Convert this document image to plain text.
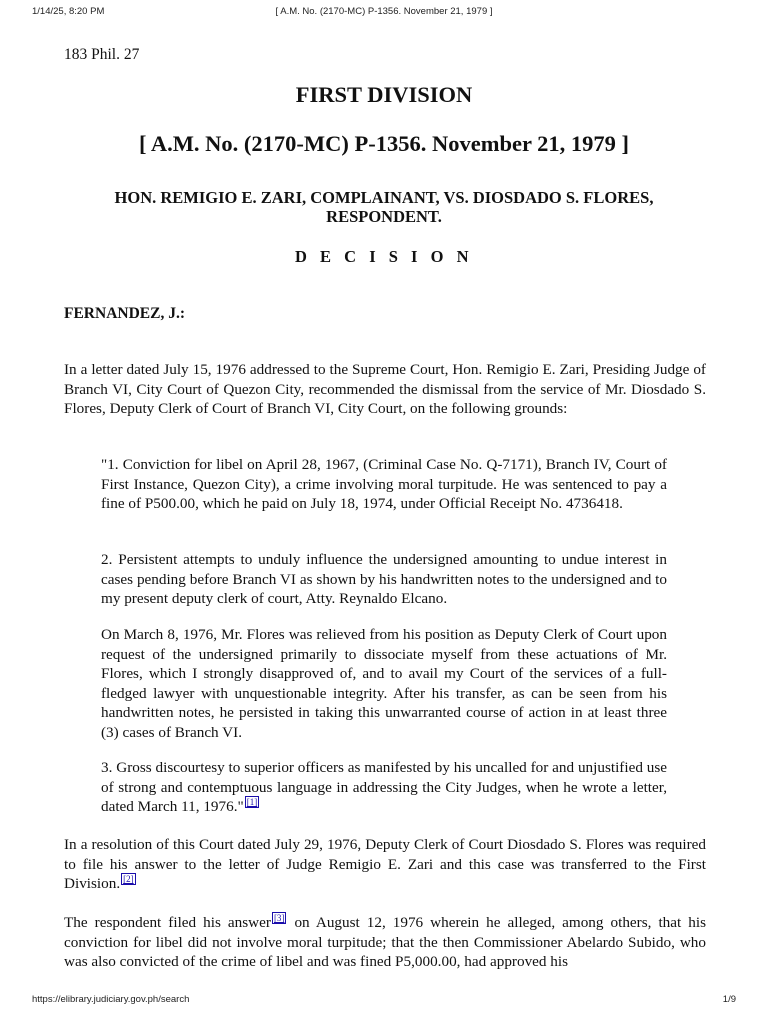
1/14/25, 8:20 PM	[ A.M. No. (2170-MC) P-1356. November 21, 1979 ]
183 Phil. 27
FIRST DIVISION
[ A.M. No. (2170-MC) P-1356. November 21, 1979 ]
HON. REMIGIO E. ZARI, COMPLAINANT, VS. DIOSDADO S. FLORES, RESPONDENT.
D E C I S I O N
FERNANDEZ, J.:
In a letter dated July 15, 1976 addressed to the Supreme Court, Hon. Remigio E. Zari, Presiding Judge of Branch VI, City Court of Quezon City, recommended the dismissal from the service of Mr. Diosdado S. Flores, Deputy Clerk of Court of Branch VI, City Court, on the following grounds:
"1. Conviction for libel on April 28, 1967, (Criminal Case No. Q-7171), Branch IV, Court of First Instance, Quezon City), a crime involving moral turpitude. He was sentenced to pay a fine of P500.00, which he paid on July 18, 1974, under Official Receipt No. 4736418.
2. Persistent attempts to unduly influence the undersigned amounting to undue interest in cases pending before Branch VI as shown by his handwritten notes to the undersigned and to my present deputy clerk of court, Atty. Reynaldo Elcano.
On March 8, 1976, Mr. Flores was relieved from his position as Deputy Clerk of Court upon request of the undersigned primarily to dissociate myself from these actuations of Mr. Flores, which I strongly disapproved of, and to avail my Court of the services of a full-fledged lawyer with unquestionable integrity. After his transfer, as can be seen from his handwritten notes, he persisted in taking this unwarranted course of action in at least three (3) cases of Branch VI.
3. Gross discourtesy to superior officers as manifested by his uncalled for and unjustified use of strong and contemptuous language in addressing the City Judges, when he wrote a letter, dated March 11, 1976." [1]
In a resolution of this Court dated July 29, 1976, Deputy Clerk of Court Diosdado S. Flores was required to file his answer to the letter of Judge Remigio E. Zari and this case was transferred to the First Division. [2]
The respondent filed his answer [3] on August 12, 1976 wherein he alleged, among others, that his conviction for libel did not involve moral turpitude; that the then Commissioner Abelardo Subido, who was also convicted of the crime of libel and was fined P5,000.00, had approved his
https://elibrary.judiciary.gov.ph/search	1/9
